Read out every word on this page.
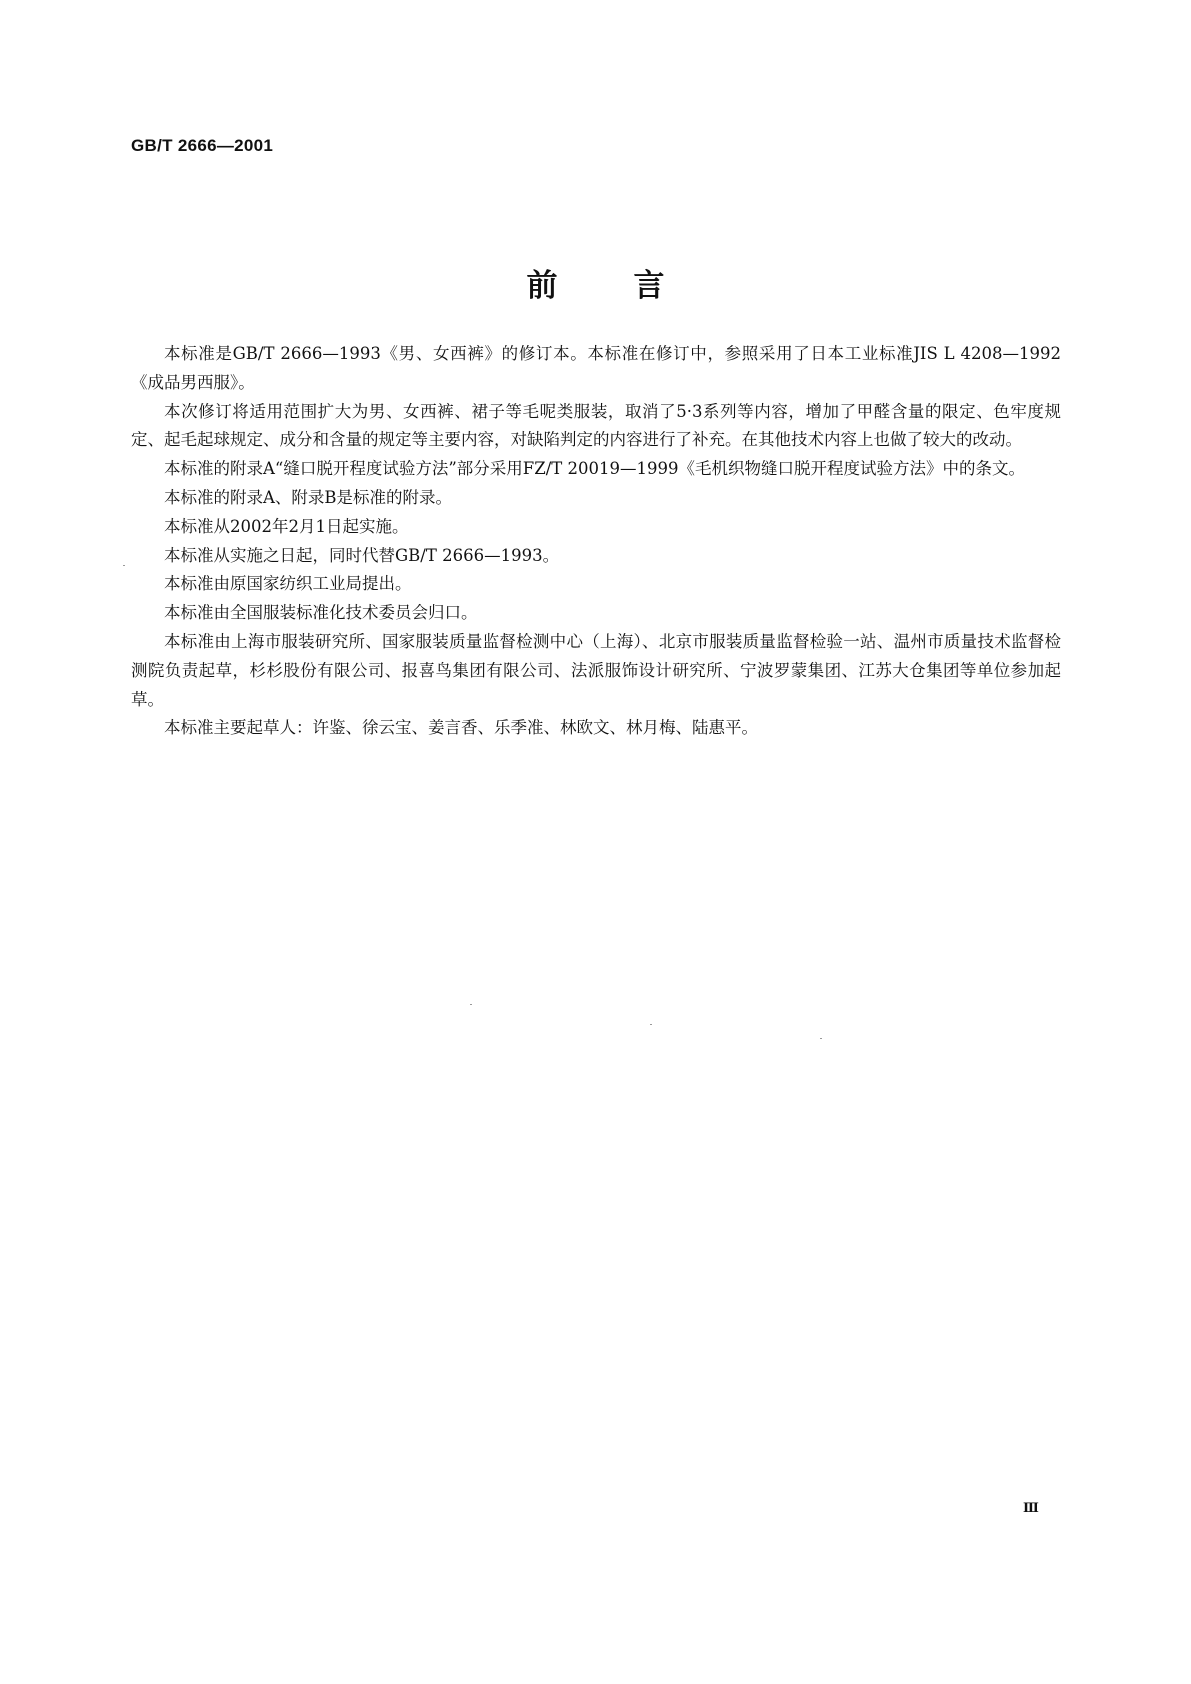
GB/T 2666—2001
前 言

本标准是GB/T 2666—1993《男、女西裤》的修订本。本标准在修订中，参照采用了日本工业标准JIS L 4208—1992《成品男西服》。

本次修订将适用范围扩大为男、女西裤、裙子等毛呢类服装，取消了5·3系列等内容，增加了甲醛含量的限定、色牢度规定、起毛起球规定、成分和含量的规定等主要内容，对缺陷判定的内容进行了补充。在其他技术内容上也做了较大的改动。

本标准的附录A“缝口脱开程度试验方法”部分采用FZ/T 20019—1999《毛机织物缝口脱开程度试验方法》中的条文。

本标准的附录A、附录B是标准的附录。

本标准从2002年2月1日起实施。

本标准从实施之日起，同时代替GB/T 2666—1993。

本标准由原国家纺织工业局提出。

本标准由全国服装标准化技术委员会归口。

本标准由上海市服装研究所、国家服装质量监督检测中心（上海）、北京市服装质量监督检验一站、温州市质量技术监督检测院负责起草，杉杉股份有限公司、报喜鸟集团有限公司、法派服饰设计研究所、宁波罗蒙集团、江苏大仓集团等单位参加起草。

本标准主要起草人：许鉴、徐云宝、姜言香、乐季准、林欧文、林月梅、陆惠平。

Ⅲ
